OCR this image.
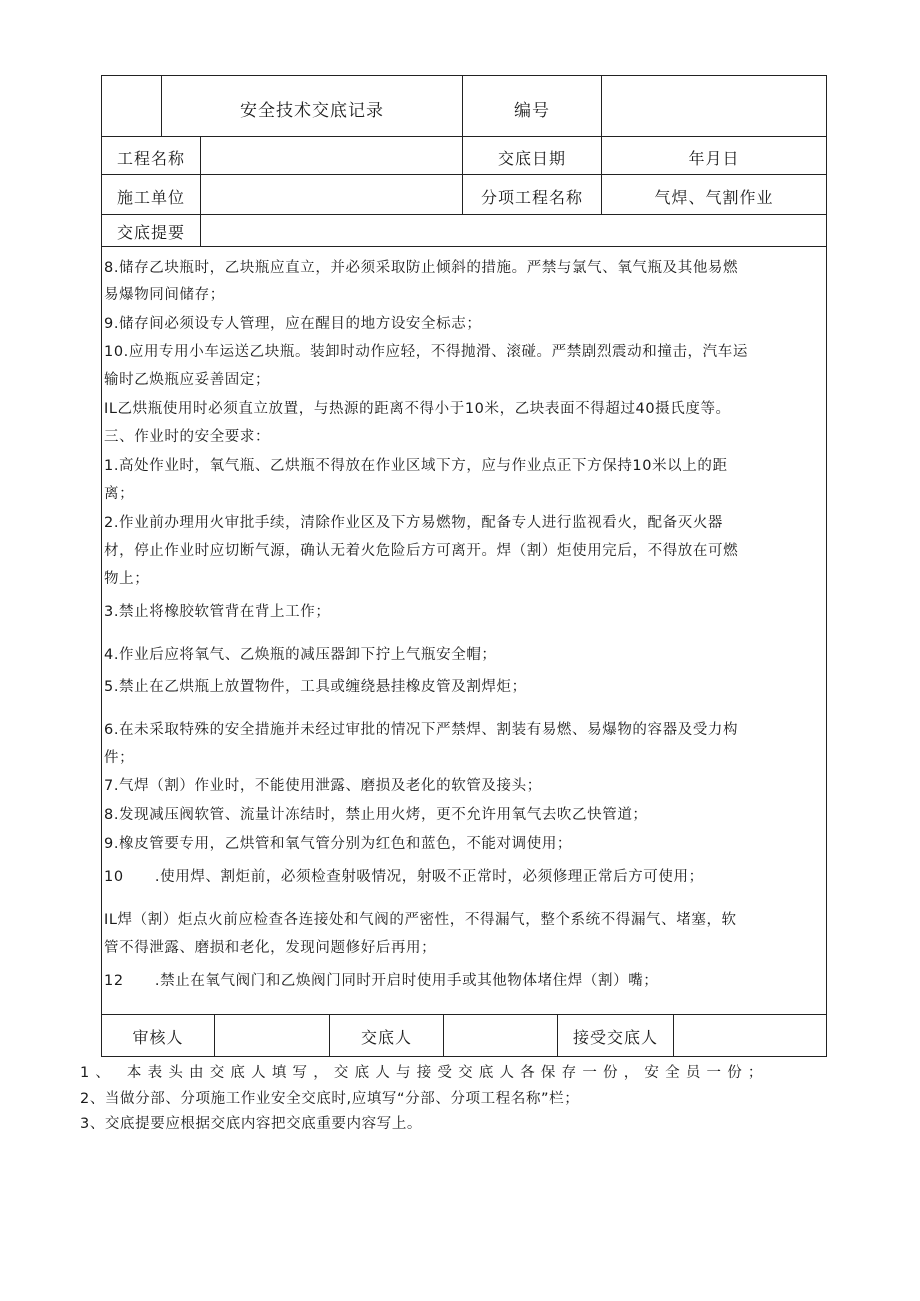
安全技术交底记录	编号
工程名称	交底日期	年月日
施工单位	分项工程名称	气焊、气割作业
交底提要
8.储存乙块瓶时，乙块瓶应直立，并必须采取防止倾斜的措施。严禁与氯气、氧气瓶及其他易燃
易爆物同间储存；
9.储存间必须设专人管理，应在醒目的地方设安全标志；
10.应用专用小车运送乙块瓶。装卸时动作应轻，不得抛滑、滚碰。严禁剧烈震动和撞击，汽车运
输时乙焕瓶应妥善固定；
IL乙烘瓶使用时必须直立放置，与热源的距离不得小于10米，乙块表面不得超过40摄氏度等。
三、作业时的安全要求：
1.高处作业时，氧气瓶、乙烘瓶不得放在作业区域下方，应与作业点正下方保持10米以上的距
离；
2.作业前办理用火审批手续，清除作业区及下方易燃物，配备专人进行监视看火，配备灭火器
材，停止作业时应切断气源，确认无着火危险后方可离开。焊（割）炬使用完后，不得放在可燃
物上；
3.禁止将橡胶软管背在背上工作；
4.作业后应将氧气、乙焕瓶的减压器卸下拧上气瓶安全帽；
5.禁止在乙烘瓶上放置物件，工具或缠绕悬挂橡皮管及割焊炬；
6.在未采取特殊的安全措施并未经过审批的情况下严禁焊、割装有易燃、易爆物的容器及受力构
件；
7.气焊（割）作业时，不能使用泄露、磨损及老化的软管及接头；
8.发现减压阀软管、流量计冻结时，禁止用火烤，更不允许用氧气去吹乙快管道；
9.橡皮管要专用，乙烘管和氧气管分别为红色和蓝色，不能对调使用；
10      .使用焊、割炬前，必须检查射吸情况，射吸不正常时，必须修理正常后方可使用；
IL焊（割）炬点火前应检查各连接处和气阀的严密性，不得漏气，整个系统不得漏气、堵塞，软
管不得泄露、磨损和老化，发现问题修好后再用；
12      .禁止在氧气阀门和乙焕阀门同时开启时使用手或其他物体堵住焊（割）嘴；
审核人	交底人	接受交底人
1、 本表头由交底人填写，交底人与接受交底人各保存一份，安全员一份；
2、当做分部、分项施工作业安全交底时,应填写“分部、分项工程名称”栏；
3、交底提要应根据交底内容把交底重要内容写上。
